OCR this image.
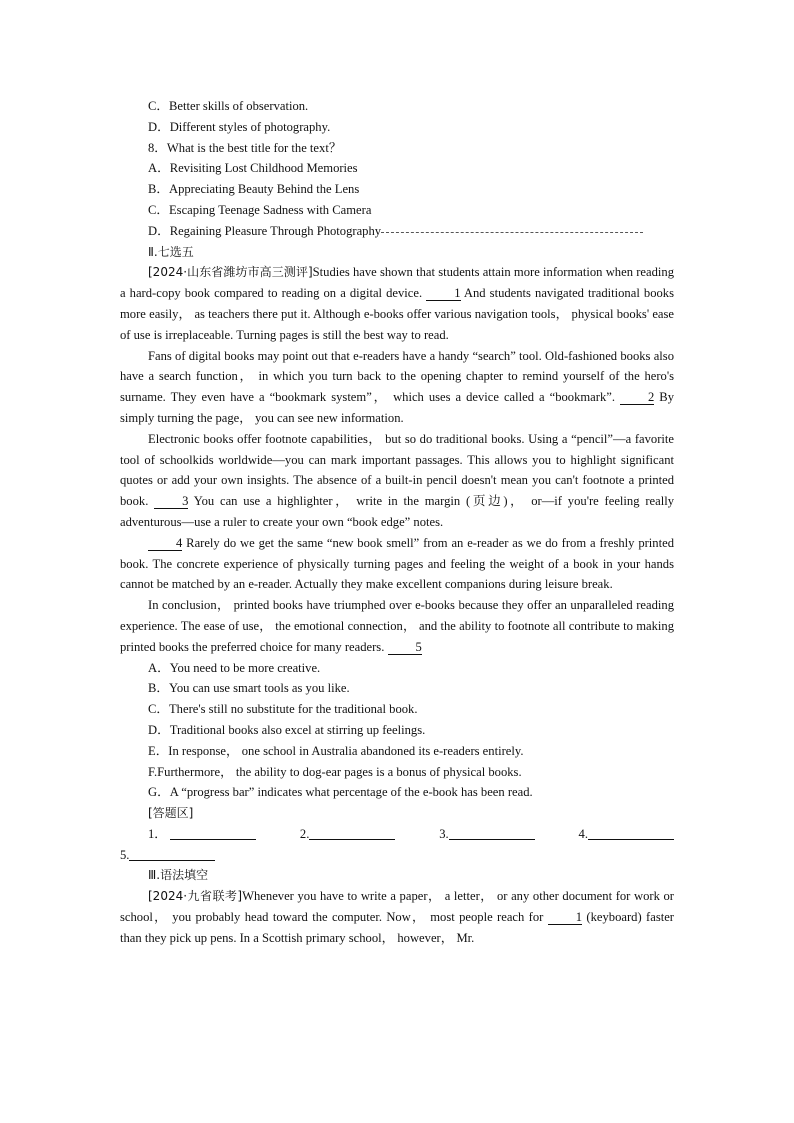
C．Better skills of observation.
D．Different styles of photography.
8．What is the best title for the text？
A．Revisiting Lost Childhood Memories
B．Appreciating Beauty Behind the Lens
C．Escaping Teenage Sadness with Camera
D．Regaining Pleasure Through Photography
Ⅱ.七选五
[2024·山东省潍坊市高三测评]Studies have shown that students attain more information when reading a hard-copy book compared to reading on a digital device. 1 And students navigated traditional books more easily， as teachers there put it. Although e-books offer various navigation tools， physical books' ease of use is irreplaceable. Turning pages is still the best way to read.
Fans of digital books may point out that e-readers have a handy “search” tool. Old-fashioned books also have a search function， in which you turn back to the opening chapter to remind yourself of the hero's surname. They even have a “bookmark system”， which uses a device called a “bookmark”. 2 By simply turning the page， you can see new information.
Electronic books offer footnote capabilities， but so do traditional books. Using a “pencil”—a favorite tool of schoolkids worldwide—you can mark important passages. This allows you to highlight significant quotes or add your own insights. The absence of a built-in pencil doesn't mean you can't footnote a printed book. 3 You can use a highlighter， write in the margin (页边)， or—if you're feeling really adventurous—use a ruler to create your own “book edge” notes.
4 Rarely do we get the same “new book smell” from an e-reader as we do from a freshly printed book. The concrete experience of physically turning pages and feeling the weight of a book in your hands cannot be matched by an e-reader. Actually they make excellent companions during leisure break.
In conclusion， printed books have triumphed over e-books because they offer an unparalleled reading experience. The ease of use， the emotional connection， and the ability to footnote all contribute to making printed books the preferred choice for many readers. 5
A．You need to be more creative.
B．You can use smart tools as you like.
C．There's still no substitute for the traditional book.
D．Traditional books also excel at stirring up feelings.
E．In response， one school in Australia abandoned its e-readers entirely.
F.Furthermore， the ability to dog-ear pages is a bonus of physical books.
G．A “progress bar” indicates what percentage of the e-book has been read.
[答题区]
1．	2.	3.	4.
5.
Ⅲ.语法填空
[2024·九省联考]Whenever you have to write a paper， a letter， or any other document for work or school， you probably head toward the computer. Now， most people reach for 1 (keyboard) faster than they pick up pens. In a Scottish primary school， however， Mr.
